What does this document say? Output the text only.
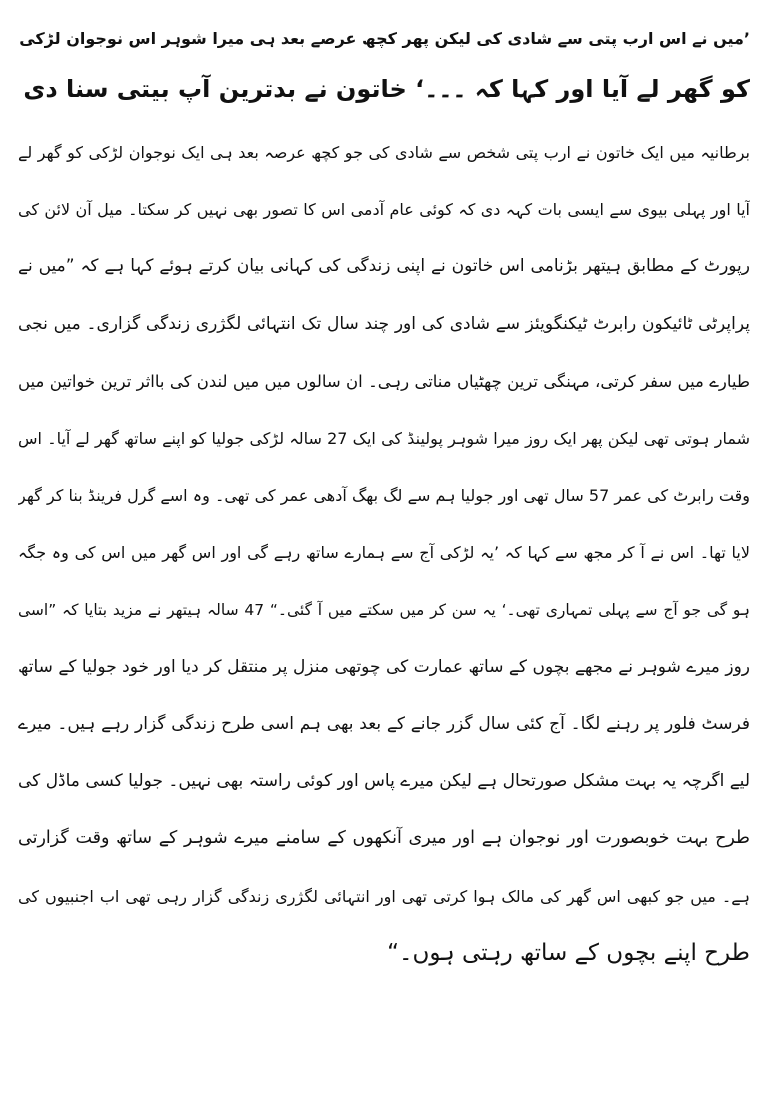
’میں نے اس ارب پتی سے شادی کی لیکن پھر کچھ عرصے بعد ہی میرا شوہر اس نوجوان لڑکی
کو گھر لے آیا اور کہا کہ ۔۔۔‘ خاتون نے بدترین آپ بیتی سنا دی
برطانیہ میں ایک خاتون نے ارب پتی شخص سے شادی کی جو کچھ عرصہ بعد ہی ایک نوجوان لڑکی کو گھر لے
آیا اور پہلی بیوی سے ایسی بات کہہ دی کہ کوئی عام آدمی اس کا تصور بھی نہیں کر سکتا۔ میل آن لائن کی
رپورٹ کے مطابق ہیتھر بڑنامی اس خاتون نے اپنی زندگی کی کہانی بیان کرتے ہوئے کہا ہے کہ ”میں نے
پراپرٹی ٹائیکون رابرٹ ٹیکنگویئز سے شادی کی اور چند سال تک انتہائی لگژری زندگی گزاری۔ میں نجی
طیارے میں سفر کرتی، مہنگی ترین چھٹیاں مناتی رہی۔ ان سالوں میں میں لندن کی بااثر ترین خواتین میں
شمار ہوتی تھی لیکن پھر ایک روز میرا شوہر پولینڈ کی ایک 27 سالہ لڑکی جولیا کو اپنے ساتھ گھر لے آیا۔ اس
وقت رابرٹ کی عمر 57 سال تھی اور جولیا ہم سے لگ بھگ آدھی عمر کی تھی۔ وہ اسے گرل فرینڈ بنا کر گھر
لایا تھا۔ اس نے آ کر مجھ سے کہا کہ ’یہ لڑکی آج سے ہمارے ساتھ رہے گی اور اس گھر میں اس کی وہ جگہ
ہو گی جو آج سے پہلی تمہاری تھی۔‘ یہ سن کر میں سکتے میں آ گئی۔“ 47 سالہ ہیتھر نے مزید بتایا کہ ”اسی
روز میرے شوہر نے مجھے بچوں کے ساتھ عمارت کی چوتھی منزل پر منتقل کر دیا اور خود جولیا کے ساتھ
فرسٹ فلور پر رہنے لگا۔ آج کئی سال گزر جانے کے بعد بھی ہم اسی طرح زندگی گزار رہے ہیں۔ میرے
لیے اگرچہ یہ بہت مشکل صورتحال ہے لیکن میرے پاس اور کوئی راستہ بھی نہیں۔ جولیا کسی ماڈل کی
طرح بہت خوبصورت اور نوجوان ہے اور میری آنکھوں کے سامنے میرے شوہر کے ساتھ وقت گزارتی
ہے۔ میں جو کبھی اس گھر کی مالک ہوا کرتی تھی اور انتہائی لگژری زندگی گزار رہی تھی اب اجنبیوں کی
طرح اپنے بچوں کے ساتھ رہتی ہوں۔“
